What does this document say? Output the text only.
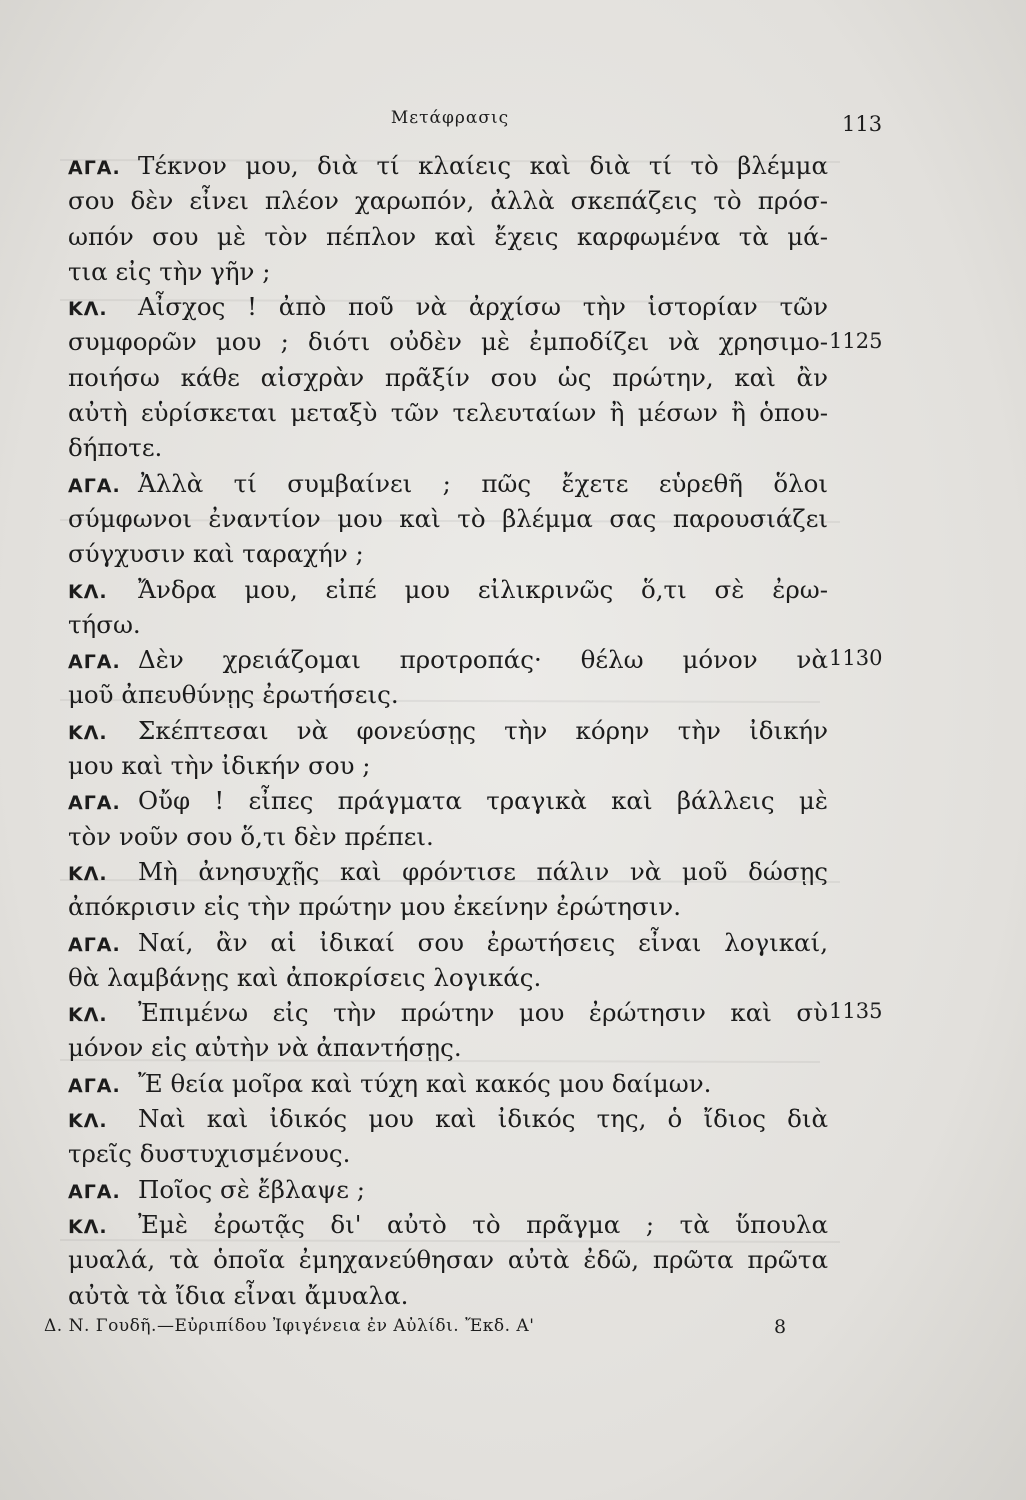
Μετάφρασις	113
ΑΓΑ. Τέκνον μου, διὰ τί κλαίεις καὶ διὰ τί τὸ βλέμμα
σου δὲν εἶνει πλέον χαρωπόν, ἀλλὰ σκεπάζεις τὸ πρόσ-
ωπόν σου μὲ τὸν πέπλον καὶ ἔχεις καρφωμένα τὰ μά-
τια εἰς τὴν γῆν ;
ΚΛ. Αἶσχος ! ἀπὸ ποῦ νὰ ἀρχίσω τὴν ἱστορίαν τῶν
συμφορῶν μου ; διότι οὐδὲν μὲ ἐμποδίζει νὰ χρησιμο-
ποιήσω κάθε αἰσχρὰν πρᾶξίν σου ὡς πρώτην, καὶ ἂν
αὐτὴ εὑρίσκεται μεταξὺ τῶν τελευταίων ἢ μέσων ἢ ὁπου-
δήποτε.
ΑΓΑ. Ἀλλὰ τί συμβαίνει ; πῶς ἔχετε εὑρεθῆ ὅλοι
σύμφωνοι ἐναντίον μου καὶ τὸ βλέμμα σας παρουσιάζει
σύγχυσιν καὶ ταραχήν ;
ΚΛ. Ἄνδρα μου, εἰπέ μου εἰλικρινῶς ὅ,τι σὲ ἐρω-
τήσω.
ΑΓΑ. Δὲν χρειάζομαι προτροπάς· θέλω μόνον νὰ
μοῦ ἀπευθύνῃς ἐρωτήσεις.
ΚΛ. Σκέπτεσαι νὰ φονεύσῃς τὴν κόρην τὴν ἰδικήν
μου καὶ τὴν ἰδικήν σου ;
ΑΓΑ. Οὔφ ! εἶπες πράγματα τραγικὰ καὶ βάλλεις μὲ
τὸν νοῦν σου ὅ,τι δὲν πρέπει.
ΚΛ. Μὴ ἀνησυχῇς καὶ φρόντισε πάλιν νὰ μοῦ δώσῃς
ἀπόκρισιν εἰς τὴν πρώτην μου ἐκείνην ἐρώτησιν.
ΑΓΑ. Ναί, ἂν αἱ ἰδικαί σου ἐρωτήσεις εἶναι λογικαί,
θὰ λαμβάνῃς καὶ ἀποκρίσεις λογικάς.
ΚΛ. Ἐπιμένω εἰς τὴν πρώτην μου ἐρώτησιν καὶ σὺ
μόνον εἰς αὐτὴν νὰ ἀπαντήσῃς.
ΑΓΑ. Ἔ θεία μοῖρα καὶ τύχη καὶ κακός μου δαίμων.
ΚΛ. Ναὶ καὶ ἰδικός μου καὶ ἰδικός της, ὁ ἴδιος διὰ
τρεῖς δυστυχισμένους.
ΑΓΑ. Ποῖος σὲ ἔβλαψε ;
ΚΛ. Ἐμὲ ἐρωτᾷς δι' αὐτὸ τὸ πρᾶγμα ; τὰ ὕπουλα
μυαλά, τὰ ὁποῖα ἐμηχανεύθησαν αὐτὰ ἐδῶ, πρῶτα πρῶτα
αὐτὰ τὰ ἴδια εἶναι ἄμυαλα.
1125
1130
1135
Δ. Ν. Γουδῆ.—Εὐριπίδου Ἰφιγένεια ἐν Αὐλίδι. Ἔκδ. Α'	8
